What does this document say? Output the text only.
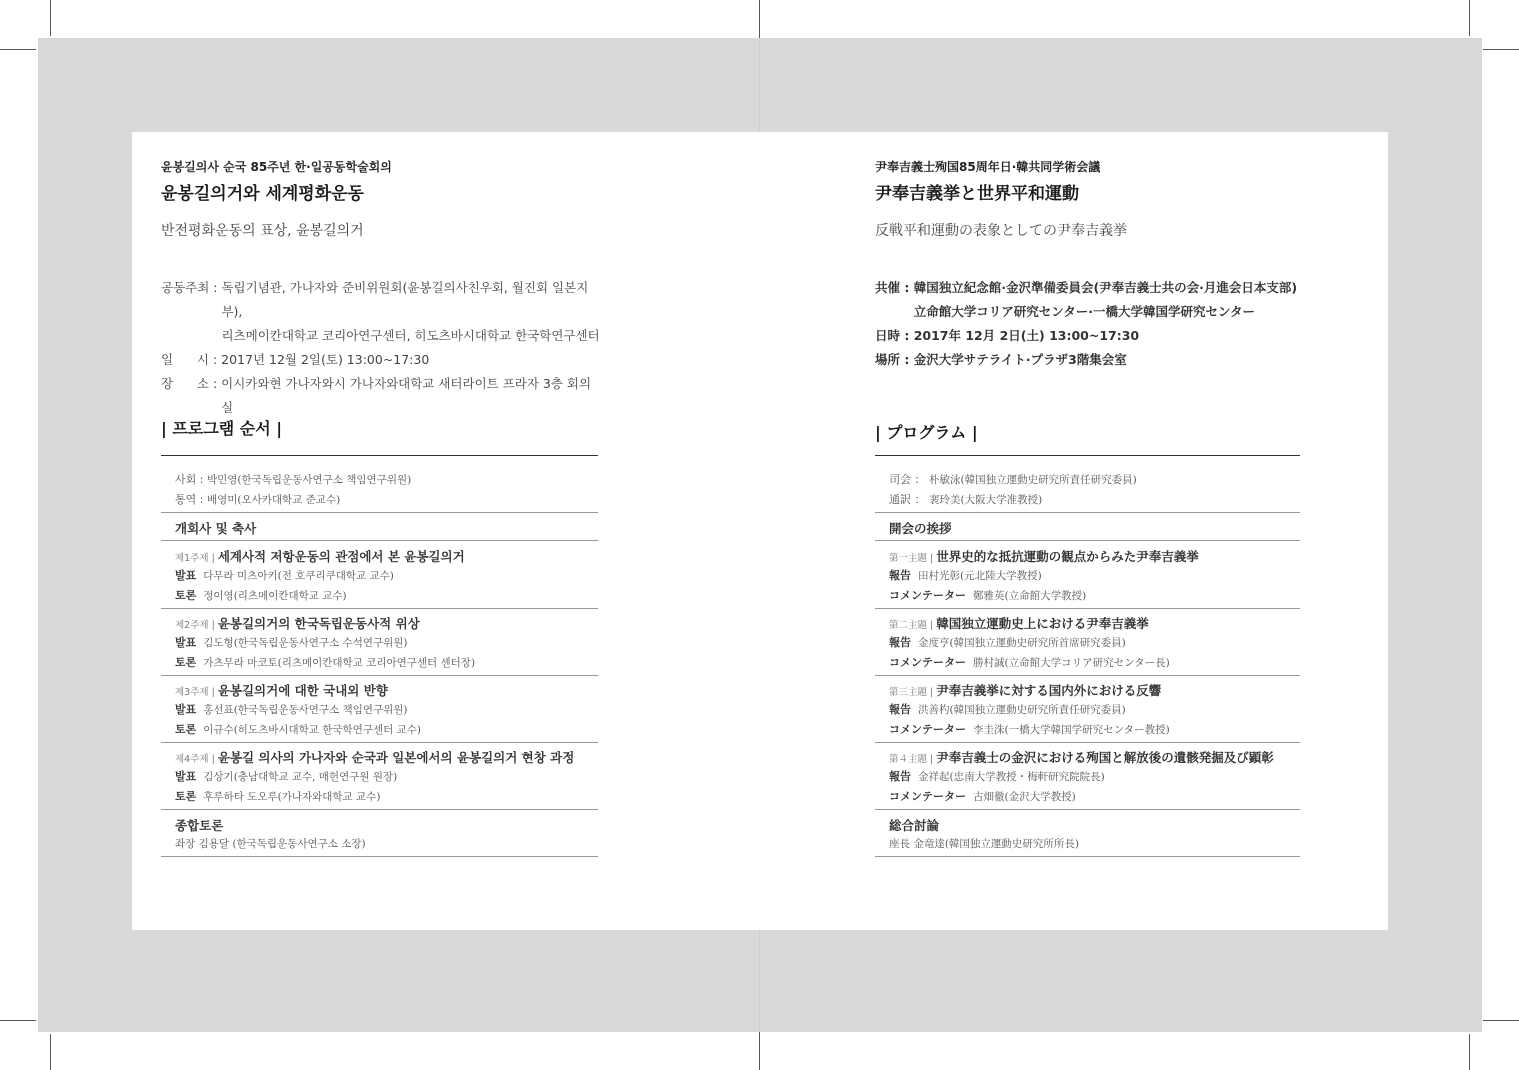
윤봉길의사 순국 85주년 한·일공동학술회의
윤봉길의거와 세계평화운동
반전평화운동의 표상, 윤봉길의거
공동주최 : 독립기념관, 가나자와 준비위원회(윤봉길의사친우회, 월진회 일본지부),
리츠메이칸대학교 코리아연구센터, 히도츠바시대학교 한국학연구센터
일      시 : 2017년 12월 2일(토) 13:00~17:30
장      소 : 이시카와현 가나자와시 가나자와대학교 새터라이트 프라자 3층 회의실
| 프로그램 순서 |
사회 : 박민영(한국독립운동사연구소 책임연구위원)
통역 : 배영미(오사카대학교 준교수)
개회사 및 축사
제1주제 | 세계사적 저항운동의 관점에서 본 윤봉길의거
발표 다무라 미츠아키(전 호쿠리쿠대학교 교수)
토론 정이영(리츠메이칸대학교 교수)
제2주제 | 윤봉길의거의 한국독립운동사적 위상
발표 김도형(한국독립운동사연구소 수석연구위원)
토론 가츠무라 마코토(리츠메이칸대학교 코리아연구센터 센터장)
제3주제 | 윤봉길의거에 대한 국내외 반향
발표 홍선표(한국독립운동사연구소 책임연구위원)
토론 이규수(히도츠바시대학교 한국학연구센터 교수)
제4주제 | 윤봉길 의사의 가나자와 순국과 일본에서의 윤봉길의거 현창 과정
발표 김상기(충남대학교 교수, 매헌연구원 원장)
토론 후루하타 도오루(가나자와대학교 교수)
종합토론
좌장 김용달 (한국독립운동사연구소 소장)
尹奉吉義士殉国85周年日·韓共同学術会議
尹奉吉義挙と世界平和運動
反戦平和運動の表象としての尹奉吉義挙
共催 : 韓国独立紀念館·金沢準備委員会(尹奉吉義士共の会·月進会日本支部)
立命館大学コリア研究センター·一橋大学韓国学研究センター
日時 : 2017年 12月 2日(土) 13:00~17:30
場所 : 金沢大学サテライト·プラザ3階集会室
| プログラム |
司会 ： 朴敏泳(韓国独立運動史研究所責任研究委員)
通訳 ： 裵玲美(大阪大学准教授)
開会の挨拶
第一主題 | 世界史的な抵抗運動の観点からみた尹奉吉義挙
報告 田村光彰(元北陸大学教授)
コメンテーター 鄭雅英(立命館大学教授)
第二主題 | 韓国独立運動史上における尹奉吉義挙
報告 金度亨(韓国独立運動史研究所首席研究委員)
コメンテーター 勝村誠(立命館大学コリア研究センター長)
第三主題 | 尹奉吉義挙に対する国内外における反響
報告 洪善杓(韓国独立運動史研究所責任研究委員)
コメンテーター 李圭洙(一橋大学韓国学研究センター教授)
第４主題 | 尹奉吉義士の金沢における殉国と解放後の遺骸発掘及び顕彰
報告 金祥起(忠南大学教授・梅軒研究院院長)
コメンテーター 古畑徹(金沢大学教授)
総合討論
座長 金竜達(韓国独立運動史研究所所長)
